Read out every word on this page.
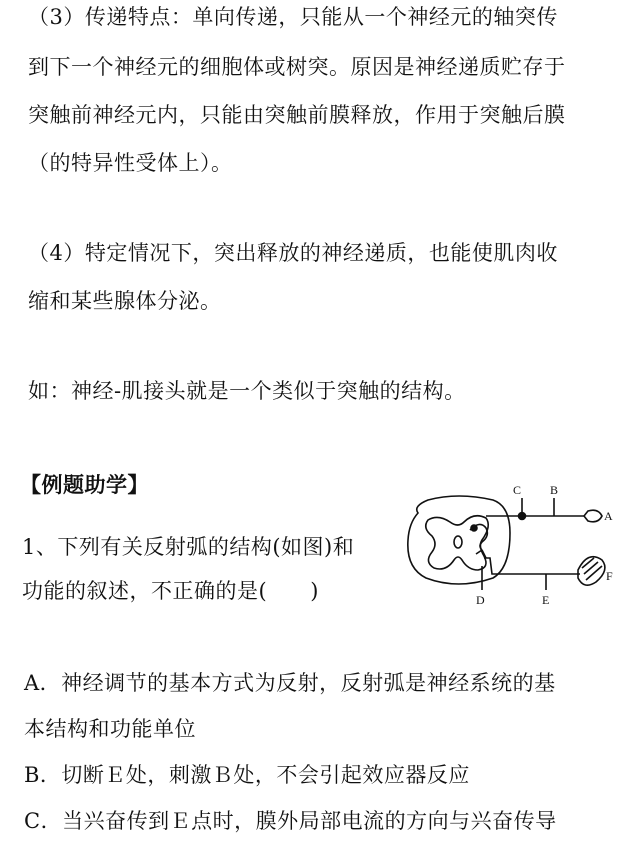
（3）传递特点：单向传递，只能从一个神经元的轴突传
到下一个神经元的细胞体或树突。原因是神经递质贮存于
突触前神经元内，只能由突触前膜释放，作用于突触后膜
（的特异性受体上）。
（4）特定情况下，突出释放的神经递质，也能使肌肉收
缩和某些腺体分泌。
如：神经-肌接头就是一个类似于突触的结构。
【例题助学】
1、下列有关反射弧的结构(如图)和
功能的叙述，不正确的是(　　)
A．神经调节的基本方式为反射，反射弧是神经系统的基
本结构和功能单位
B．切断Ｅ处，刺激Ｂ处，不会引起效应器反应
C．当兴奋传到Ｅ点时，膜外局部电流的方向与兴奋传导
C B
A
F
E
D
